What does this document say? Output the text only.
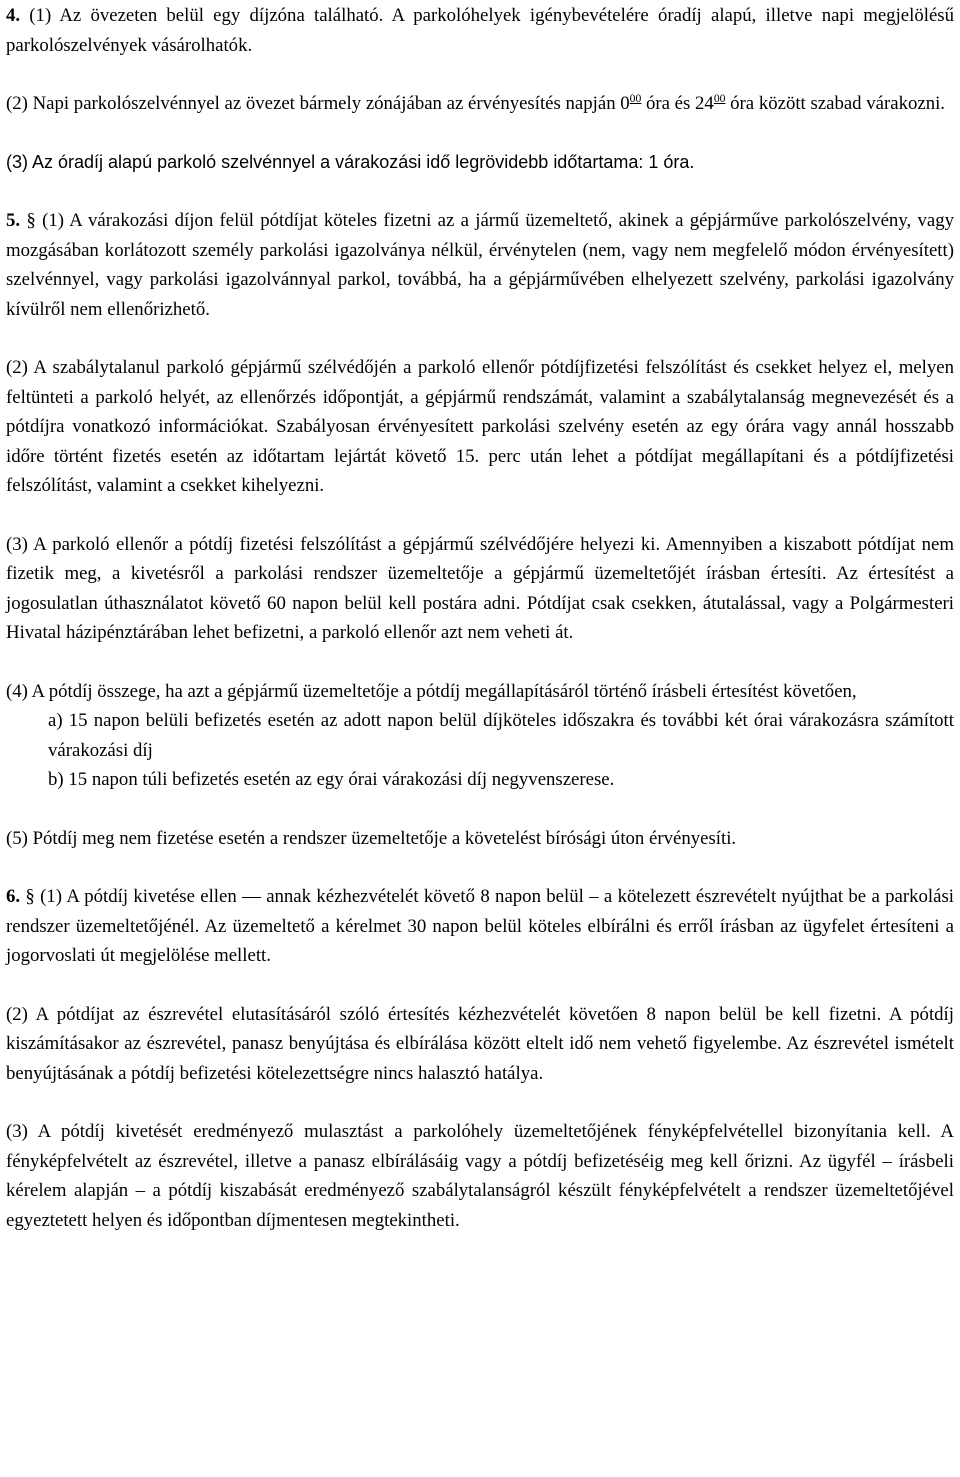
4. (1) Az övezeten belül egy díjzóna található. A parkolóhelyek igénybevételére óradíj alapú, illetve napi megjelölésű parkolószelvények vásárolhatók.

(2) Napi parkolószelvénnyel az övezet bármely zónájában az érvényesítés napján $0^{00}$ óra és $24^{00}$ óra között szabad várakozni.

(3) Az óradíj alapú parkoló szelvénnyel a várakozási idő legrövidebb időtartama: 1 óra.

5. § (1) A várakozási díjon felül pótdíjat köteles fizetni az a jármű üzemeltető, akinek a gépjárműve parkolószelvény, vagy mozgásában korlátozott személy parkolási igazolványa nélkül, érvénytelen (nem, vagy nem megfelelő módon érvényesített) szelvénnyel, vagy parkolási igazolvánnyal parkol, továbbá, ha a gépjárművében elhelyezett szelvény, parkolási igazolvány kívülről nem ellenőrizhető.

(2) A szabálytalanul parkoló gépjármű szélvédőjén a parkoló ellenőr pótdíjfizetési felszólítást és csekket helyez el, melyen feltünteti a parkoló helyét, az ellenőrzés időpontját, a gépjármű rendszámát, valamint a szabálytalanság megnevezését és a pótdíjra vonatkozó információkat. Szabályosan érvényesített parkolási szelvény esetén az egy órára vagy annál hosszabb időre történt fizetés esetén az időtartam lejártát követő 15. perc után lehet a pótdíjat megállapítani és a pótdíjfizetési felszólítást, valamint a csekket kihelyezni.

(3) A parkoló ellenőr a pótdíj fizetési felszólítást a gépjármű szélvédőjére helyezi ki. Amennyiben a kiszabott pótdíjat nem fizetik meg, a kivetésről a parkolási rendszer üzemeltetője a gépjármű üzemeltetőjét írásban értesíti. Az értesítést a jogosulatlan úthasználatot követő 60 napon belül kell postára adni. Pótdíjat csak csekken, átutalással, vagy a Polgármesteri Hivatal házipénztárában lehet befizetni, a parkoló ellenőr azt nem veheti át.

(4) A pótdíj összege, ha azt a gépjármű üzemeltetője a pótdíj megállapításáról történő írásbeli értesítést követően,

a) 15 napon belüli befizetés esetén az adott napon belül díjköteles időszakra és további két órai várakozásra számított várakozási díj

b) 15 napon túli befizetés esetén az egy órai várakozási díj negyvenszerese.

(5) Pótdíj meg nem fizetése esetén a rendszer üzemeltetője a követelést bírósági úton érvényesíti.

6. § (1) A pótdíj kivetése ellen — annak kézhezvételét követő 8 napon belül – a kötelezett észrevételt nyújthat be a parkolási rendszer üzemeltetőjénél. Az üzemeltető a kérelmet 30 napon belül köteles elbírálni és erről írásban az ügyfelet értesíteni a jogorvoslati út megjelölése mellett.

(2) A pótdíjat az észrevétel elutasításáról szóló értesítés kézhezvételét követően 8 napon belül be kell fizetni. A pótdíj kiszámításakor az észrevétel, panasz benyújtása és elbírálása között eltelt idő nem vehető figyelembe. Az észrevétel ismételt benyújtásának a pótdíj befizetési kötelezettségre nincs halasztó hatálya.

(3) A pótdíj kivetését eredményező mulasztást a parkolóhely üzemeltetőjének fényképfelvétellel bizonyítania kell. A fényképfelvételt az észrevétel, illetve a panasz elbírálásáig vagy a pótdíj befizetéséig meg kell őrizni. Az ügyfél – írásbeli kérelem alapján – a pótdíj kiszabását eredményező szabálytalanságról készült fényképfelvételt a rendszer üzemeltetőjével egyeztetett helyen és időpontban díjmentesen megtekintheti.
